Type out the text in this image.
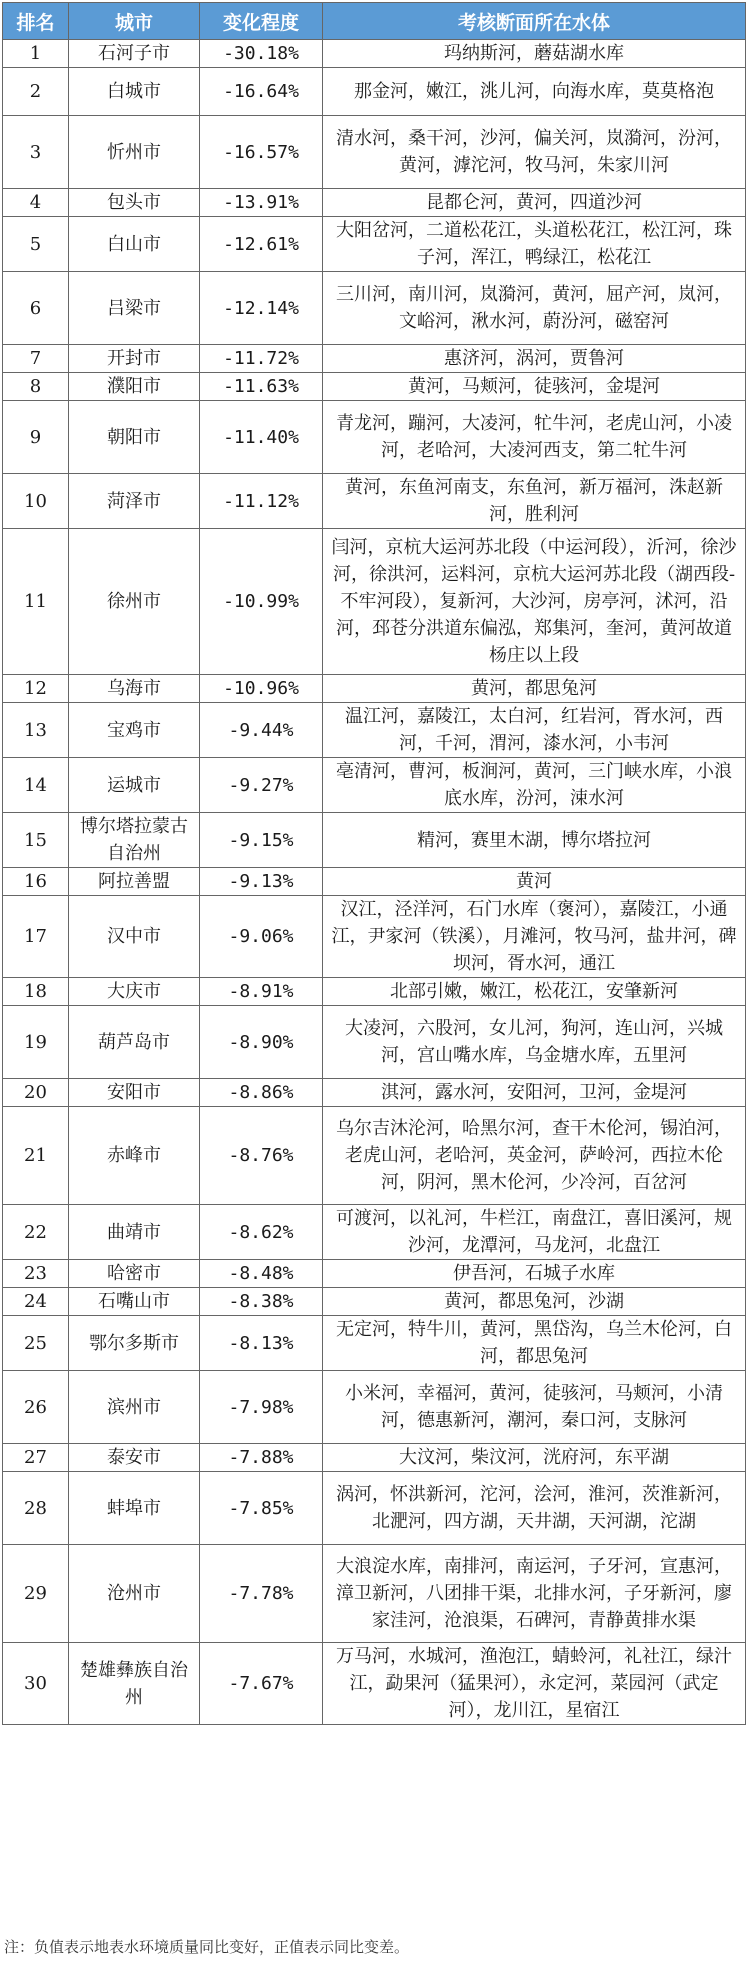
排名	城市	变化程度	考核断面所在水体
1	石河子市	-30.18%	玛纳斯河，蘑菇湖水库
2	白城市	-16.64%	那金河，嫩江，洮儿河，向海水库，莫莫格泡
3	忻州市	-16.57%	清水河，桑干河，沙河，偏关河，岚漪河，汾河，黄河，滹沱河，牧马河，朱家川河
4	包头市	-13.91%	昆都仑河，黄河，四道沙河
5	白山市	-12.61%	大阳岔河，二道松花江，头道松花江，松江河，珠子河，浑江，鸭绿江，松花江
6	吕梁市	-12.14%	三川河，南川河，岚漪河，黄河，屈产河，岚河，文峪河，湫水河，蔚汾河，磁窑河
7	开封市	-11.72%	惠济河，涡河，贾鲁河
8	濮阳市	-11.63%	黄河，马颊河，徒骇河，金堤河
9	朝阳市	-11.40%	青龙河，蹦河，大凌河，牤牛河，老虎山河，小凌河，老哈河，大凌河西支，第二牤牛河
10	菏泽市	-11.12%	黄河，东鱼河南支，东鱼河，新万福河，洙赵新河，胜利河
11	徐州市	-10.99%	闫河，京杭大运河苏北段（中运河段），沂河，徐沙河，徐洪河，运料河，京杭大运河苏北段（湖西段-不牢河段），复新河，大沙河，房亭河，沭河，沿河，邳苍分洪道东偏泓，郑集河，奎河，黄河故道杨庄以上段
12	乌海市	-10.96%	黄河，都思兔河
13	宝鸡市	-9.44%	温江河，嘉陵江，太白河，红岩河，胥水河，西河，千河，渭河，漆水河，小韦河
14	运城市	-9.27%	亳清河，曹河，板涧河，黄河，三门峡水库，小浪底水库，汾河，涑水河
15	博尔塔拉蒙古自治州	-9.15%	精河，赛里木湖，博尔塔拉河
16	阿拉善盟	-9.13%	黄河
17	汉中市	-9.06%	汉江，泾洋河，石门水库（褒河），嘉陵江，小通江，尹家河（铁溪），月滩河，牧马河，盐井河，碑坝河，胥水河，通江
18	大庆市	-8.91%	北部引嫩，嫩江，松花江，安肇新河
19	葫芦岛市	-8.90%	大凌河，六股河，女儿河，狗河，连山河，兴城河，宫山嘴水库，乌金塘水库，五里河
20	安阳市	-8.86%	淇河，露水河，安阳河，卫河，金堤河
21	赤峰市	-8.76%	乌尔吉沐沦河，哈黑尔河，查干木伦河，锡泊河，老虎山河，老哈河，英金河，萨岭河，西拉木伦河，阴河，黑木伦河，少冷河，百岔河
22	曲靖市	-8.62%	可渡河，以礼河，牛栏江，南盘江，喜旧溪河，规沙河，龙潭河，马龙河，北盘江
23	哈密市	-8.48%	伊吾河，石城子水库
24	石嘴山市	-8.38%	黄河，都思兔河，沙湖
25	鄂尔多斯市	-8.13%	无定河，特牛川，黄河，黑岱沟，乌兰木伦河，白河，都思兔河
26	滨州市	-7.98%	小米河，幸福河，黄河，徒骇河，马颊河，小清河，德惠新河，潮河，秦口河，支脉河
27	泰安市	-7.88%	大汶河，柴汶河，洸府河，东平湖
28	蚌埠市	-7.85%	涡河，怀洪新河，沱河，浍河，淮河，茨淮新河，北淝河，四方湖，天井湖，天河湖，沱湖
29	沧州市	-7.78%	大浪淀水库，南排河，南运河，子牙河，宣惠河，漳卫新河，八团排干渠，北排水河，子牙新河，廖家洼河，沧浪渠，石碑河，青静黄排水渠
30	楚雄彝族自治州	-7.67%	万马河，水城河，渔泡江，蜻蛉河，礼社江，绿汁江，勐果河（猛果河），永定河，菜园河（武定河），龙川江，星宿江
注：负值表示地表水环境质量同比变好，正值表示同比变差。
